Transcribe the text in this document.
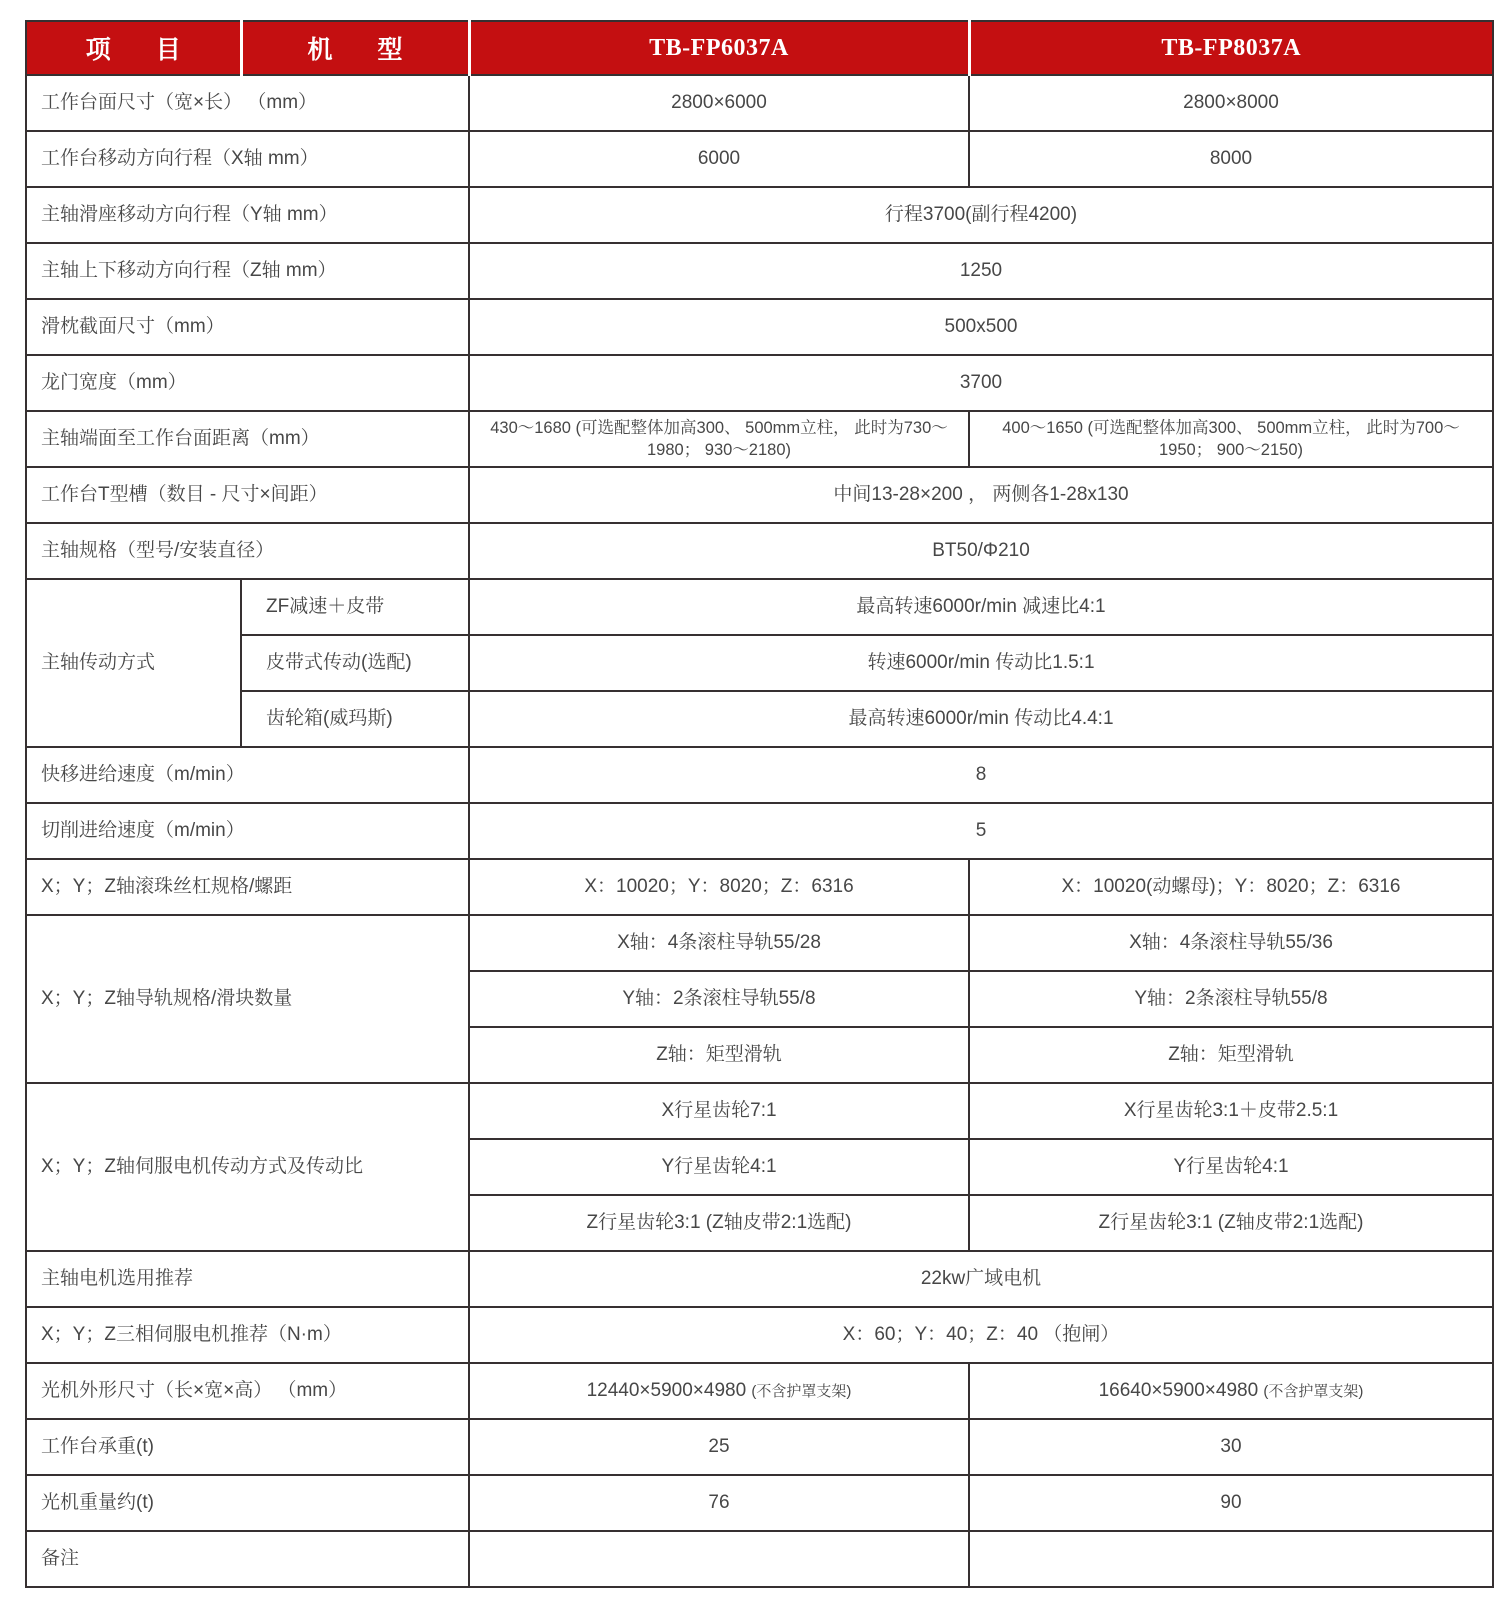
项　目	机　型	TB-FP6037A	TB-FP8037A
工作台面尺寸（宽×长） （mm）		2800×6000	2800×8000
工作台移动方向行程（X轴 mm）		6000	8000
主轴滑座移动方向行程（Y轴 mm）		行程3700(副行程4200)	
主轴上下移动方向行程（Z轴 mm）		1250	
滑枕截面尺寸（mm）		500x500	
龙门宽度（mm）		3700	
主轴端面至工作台面距离（mm）		430～1680 (可选配整体加高300、 500mm立柱， 此时为730～1980； 930～2180)	400～1650 (可选配整体加高300、 500mm立柱， 此时为700～1950； 900～2150)
工作台T型槽（数目 - 尺寸×间距）		中间13-28×200 ， 两侧各1-28x130	
主轴规格（型号/安装直径）		BT50/Φ210	
主轴传动方式	ZF减速＋皮带	最高转速6000r/min 减速比4:1	
	皮带式传动(选配)	转速6000r/min 传动比1.5:1	
	齿轮箱(威玛斯)	最高转速6000r/min 传动比4.4:1	
快移进给速度（m/min）		8	
切削进给速度（m/min）		5	
X；Y；Z轴滚珠丝杠规格/螺距		X：10020；Y：8020；Z：6316	X：10020(动螺母)；Y：8020；Z：6316
X；Y；Z轴导轨规格/滑块数量		X轴：4条滚柱导轨55/28	X轴：4条滚柱导轨55/36
		Y轴：2条滚柱导轨55/8	Y轴：2条滚柱导轨55/8
		Z轴：矩型滑轨	Z轴：矩型滑轨
X；Y；Z轴伺服电机传动方式及传动比		X行星齿轮7:1	X行星齿轮3:1＋皮带2.5:1
		Y行星齿轮4:1	Y行星齿轮4:1
		Z行星齿轮3:1 (Z轴皮带2:1选配)	Z行星齿轮3:1 (Z轴皮带2:1选配)
主轴电机选用推荐		22kw广域电机	
X；Y；Z三相伺服电机推荐（N·m）		X：60；Y：40；Z：40 （抱闸）	
光机外形尺寸（长×宽×高） （mm）		12440×5900×4980 (不含护罩支架)	16640×5900×4980 (不含护罩支架)
工作台承重(t)		25	30
光机重量约(t)		76	90
备注			
